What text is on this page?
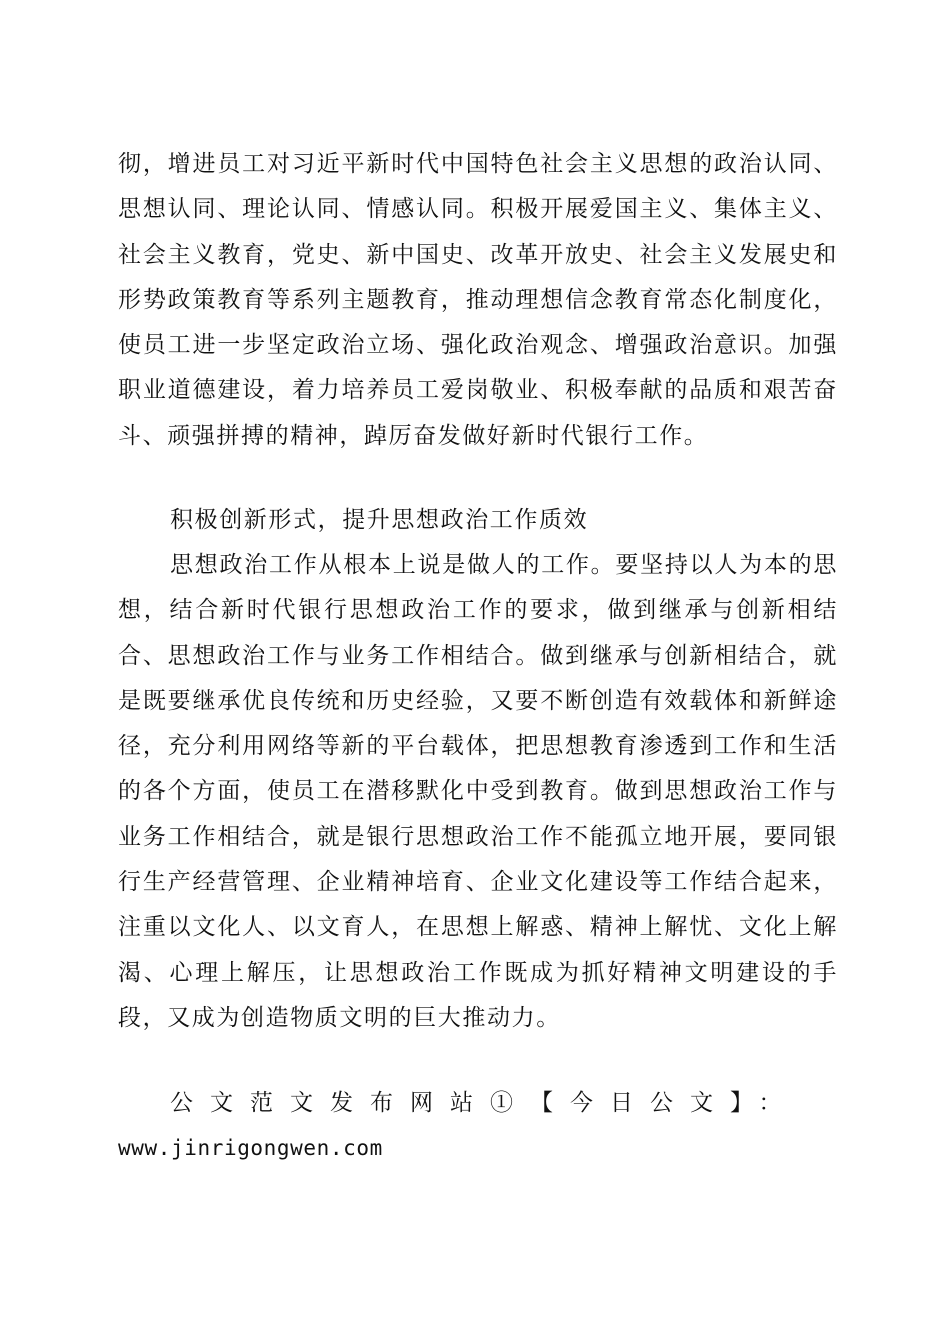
彻，增进员工对习近平新时代中国特色社会主义思想的政治认同、思想认同、理论认同、情感认同。积极开展爱国主义、集体主义、社会主义教育，党史、新中国史、改革开放史、社会主义发展史和形势政策教育等系列主题教育，推动理想信念教育常态化制度化，使员工进一步坚定政治立场、强化政治观念、增强政治意识。加强职业道德建设，着力培养员工爱岗敬业、积极奉献的品质和艰苦奋斗、顽强拼搏的精神，踔厉奋发做好新时代银行工作。

积极创新形式，提升思想政治工作质效

思想政治工作从根本上说是做人的工作。要坚持以人为本的思想，结合新时代银行思想政治工作的要求，做到继承与创新相结合、思想政治工作与业务工作相结合。做到继承与创新相结合，就是既要继承优良传统和历史经验，又要不断创造有效载体和新鲜途径，充分利用网络等新的平台载体，把思想教育渗透到工作和生活的各个方面，使员工在潜移默化中受到教育。做到思想政治工作与业务工作相结合，就是银行思想政治工作不能孤立地开展，要同银行生产经营管理、企业精神培育、企业文化建设等工作结合起来，注重以文化人、以文育人，在思想上解惑、精神上解忧、文化上解渴、心理上解压，让思想政治工作既成为抓好精神文明建设的手段，又成为创造物质文明的巨大推动力。

公文范文发布网站①【今日公文】：
www.jinrigongwen.com
